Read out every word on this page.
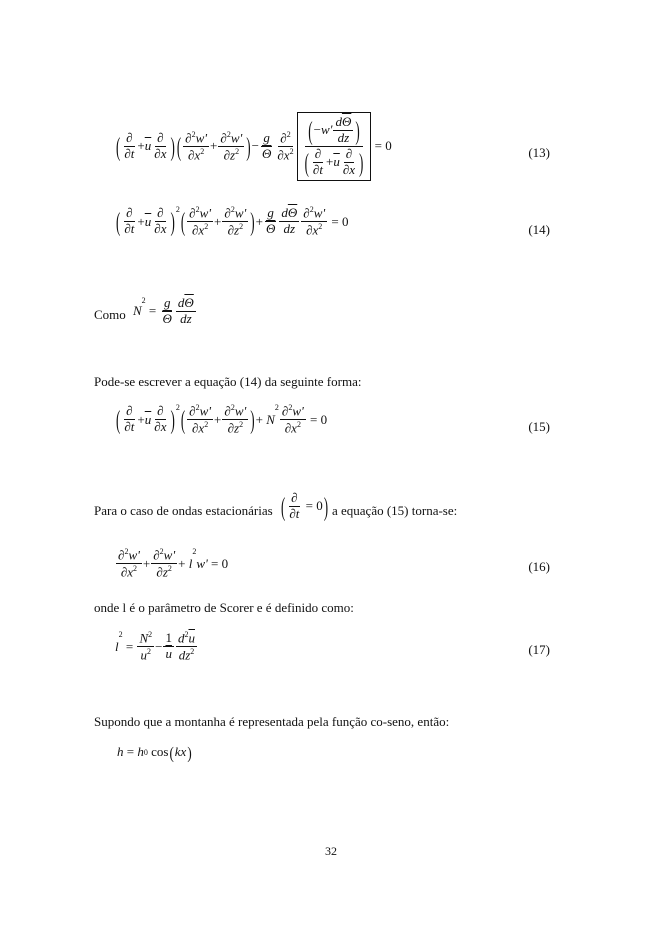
( ∂
$\partial t + \overline{u}$
∂
∂x ) ( ∂$^2$w'
$\partial x^2 + \frac{\partial^2w'}{\partial z^2}$ ) − $\frac{g}{\Theta} \partial^2$
$\partial x^2$
( − w'
$d\overline{\Theta}$
dz )
( ∂
∂t
+ $\overline{u}$
∂
∂x )
= 0	(13)
( ∂
$\partial t + \overline{u}$
∂
∂x )$^2$ ( ∂$^2$w'
$\partial x^2 + \frac{\partial^2w'}{\partial z^2}$ ) + $\frac{g}{\Theta} d\overline{\Theta}$
dz $\frac{\partial^2w'}{\partial x^2} = 0$
(14)
Como N
$^2$
= $\frac{g}{\Theta} d\overline{\Theta}$
dz
Pode-se escrever a equação (14) da seguinte forma:
( ∂
$\partial t + \overline{u}$
∂
∂x )$^2$ ( ∂$^2$w'
$\partial x^2 + \frac{\partial^2w'}{\partial z^2}$ ) + N
$^2 \frac{\partial^2w'}{\partial x^2} = 0$	(15)
Para o caso de ondas estacionárias ( ∂
∂t = 0 ) a equação (15) torna-se:
∂$^2$w'
$\partial x^2 + \frac{\partial^2w'}{\partial z^2} + l$
$^2$
w' = 0	(16)
onde l é o parâmetro de Scorer e é definido como:
l
$^2$
= $\frac{N^2}{\overline{u}^2} - \frac{1}{u} d^2\overline{u}$
$dz^2$	(17)
Supondo que a montanha é representada pela função co-seno, então:
h = h 0 cos ( kx )
32
